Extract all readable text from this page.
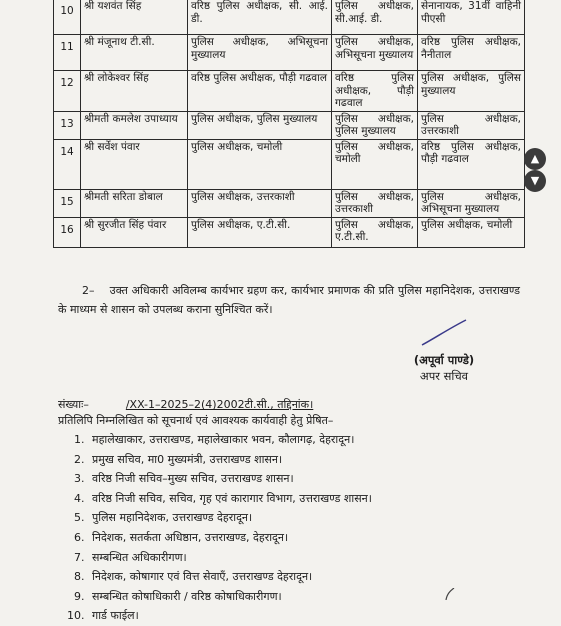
10	श्री यशवंत सिंह	वरिष्ठ पुलिस अधीक्षक, सी. आई. डी.	पुलिस अधीक्षक, सी.आई. डी.	सेनानायक, 31वीं वाहिनी पीएसी
11	श्री मंजूनाथ टी.सी.	पुलिस अधीक्षक, अभिसूचना मुख्यालय	पुलिस अधीक्षक, अभिसूचना मुख्यालय	वरिष्ठ पुलिस अधीक्षक, नैनीताल
12	श्री लोकेश्वर सिंह	वरिष्ठ पुलिस अधीक्षक, पौड़ी गढवाल	वरिष्ठ पुलिस अधीक्षक, पौड़ी गढवाल	पुलिस अधीक्षक, पुलिस मुख्यालय
13	श्रीमती कमलेश उपाध्याय	पुलिस अधीक्षक, पुलिस मुख्यालय	पुलिस अधीक्षक, पुलिस मुख्यालय	पुलिस अधीक्षक, उत्तरकाशी
14	श्री सर्वेश पंवार	पुलिस अधीक्षक, चमोली	पुलिस अधीक्षक, चमोली	वरिष्ठ पुलिस अधीक्षक, पौड़ी गढवाल
15	श्रीमती सरिता डोबाल	पुलिस अधीक्षक, उत्तरकाशी	पुलिस अधीक्षक, उत्तरकाशी	पुलिस अधीक्षक, अभिसूचना मुख्यालय
16	श्री सुरजीत सिंह पंवार	पुलिस अधीक्षक, ए.टी.सी.	पुलिस अधीक्षक, ए.टी.सी.	पुलिस अधीक्षक, चमोली
2– उक्त अधिकारी अविलम्ब कार्यभार ग्रहण कर, कार्यभार प्रमाणक की प्रति पुलिस महानिदेशक, उत्तराखण्ड के माध्यम से शासन को उपलब्ध कराना सुनिश्चित करें।
(अपूर्वा पाण्डे)
अपर सचिव
संख्याः–	/XX-1–2025–2(4)2002टी.सी., तद्दिनांक।
प्रतिलिपि निम्नलिखित को सूचनार्थ एवं आवश्यक कार्यवाही हेतु प्रेषित–
1. महालेखाकार, उत्तराखण्ड, महालेखाकार भवन, कौलागढ़, देहरादून।
2. प्रमुख सचिव, मा0 मुख्यमंत्री, उत्तराखण्ड शासन।
3. वरिष्ठ निजी सचिव–मुख्य सचिव, उत्तराखण्ड शासन।
4. वरिष्ठ निजी सचिव, सचिव, गृह एवं कारागार विभाग, उत्तराखण्ड शासन।
5. पुलिस महानिदेशक, उत्तराखण्ड देहरादून।
6. निदेशक, सतर्कता अधिष्ठान, उत्तराखण्ड, देहरादून।
7. सम्बन्धित अधिकारीगण।
8. निदेशक, कोषागार एवं वित्त सेवाएँ, उत्तराखण्ड देहरादून।
9. सम्बन्धित कोषाधिकारी / वरिष्ठ कोषाधिकारीगण।
10. गार्ड फाईल।
▲
▼
